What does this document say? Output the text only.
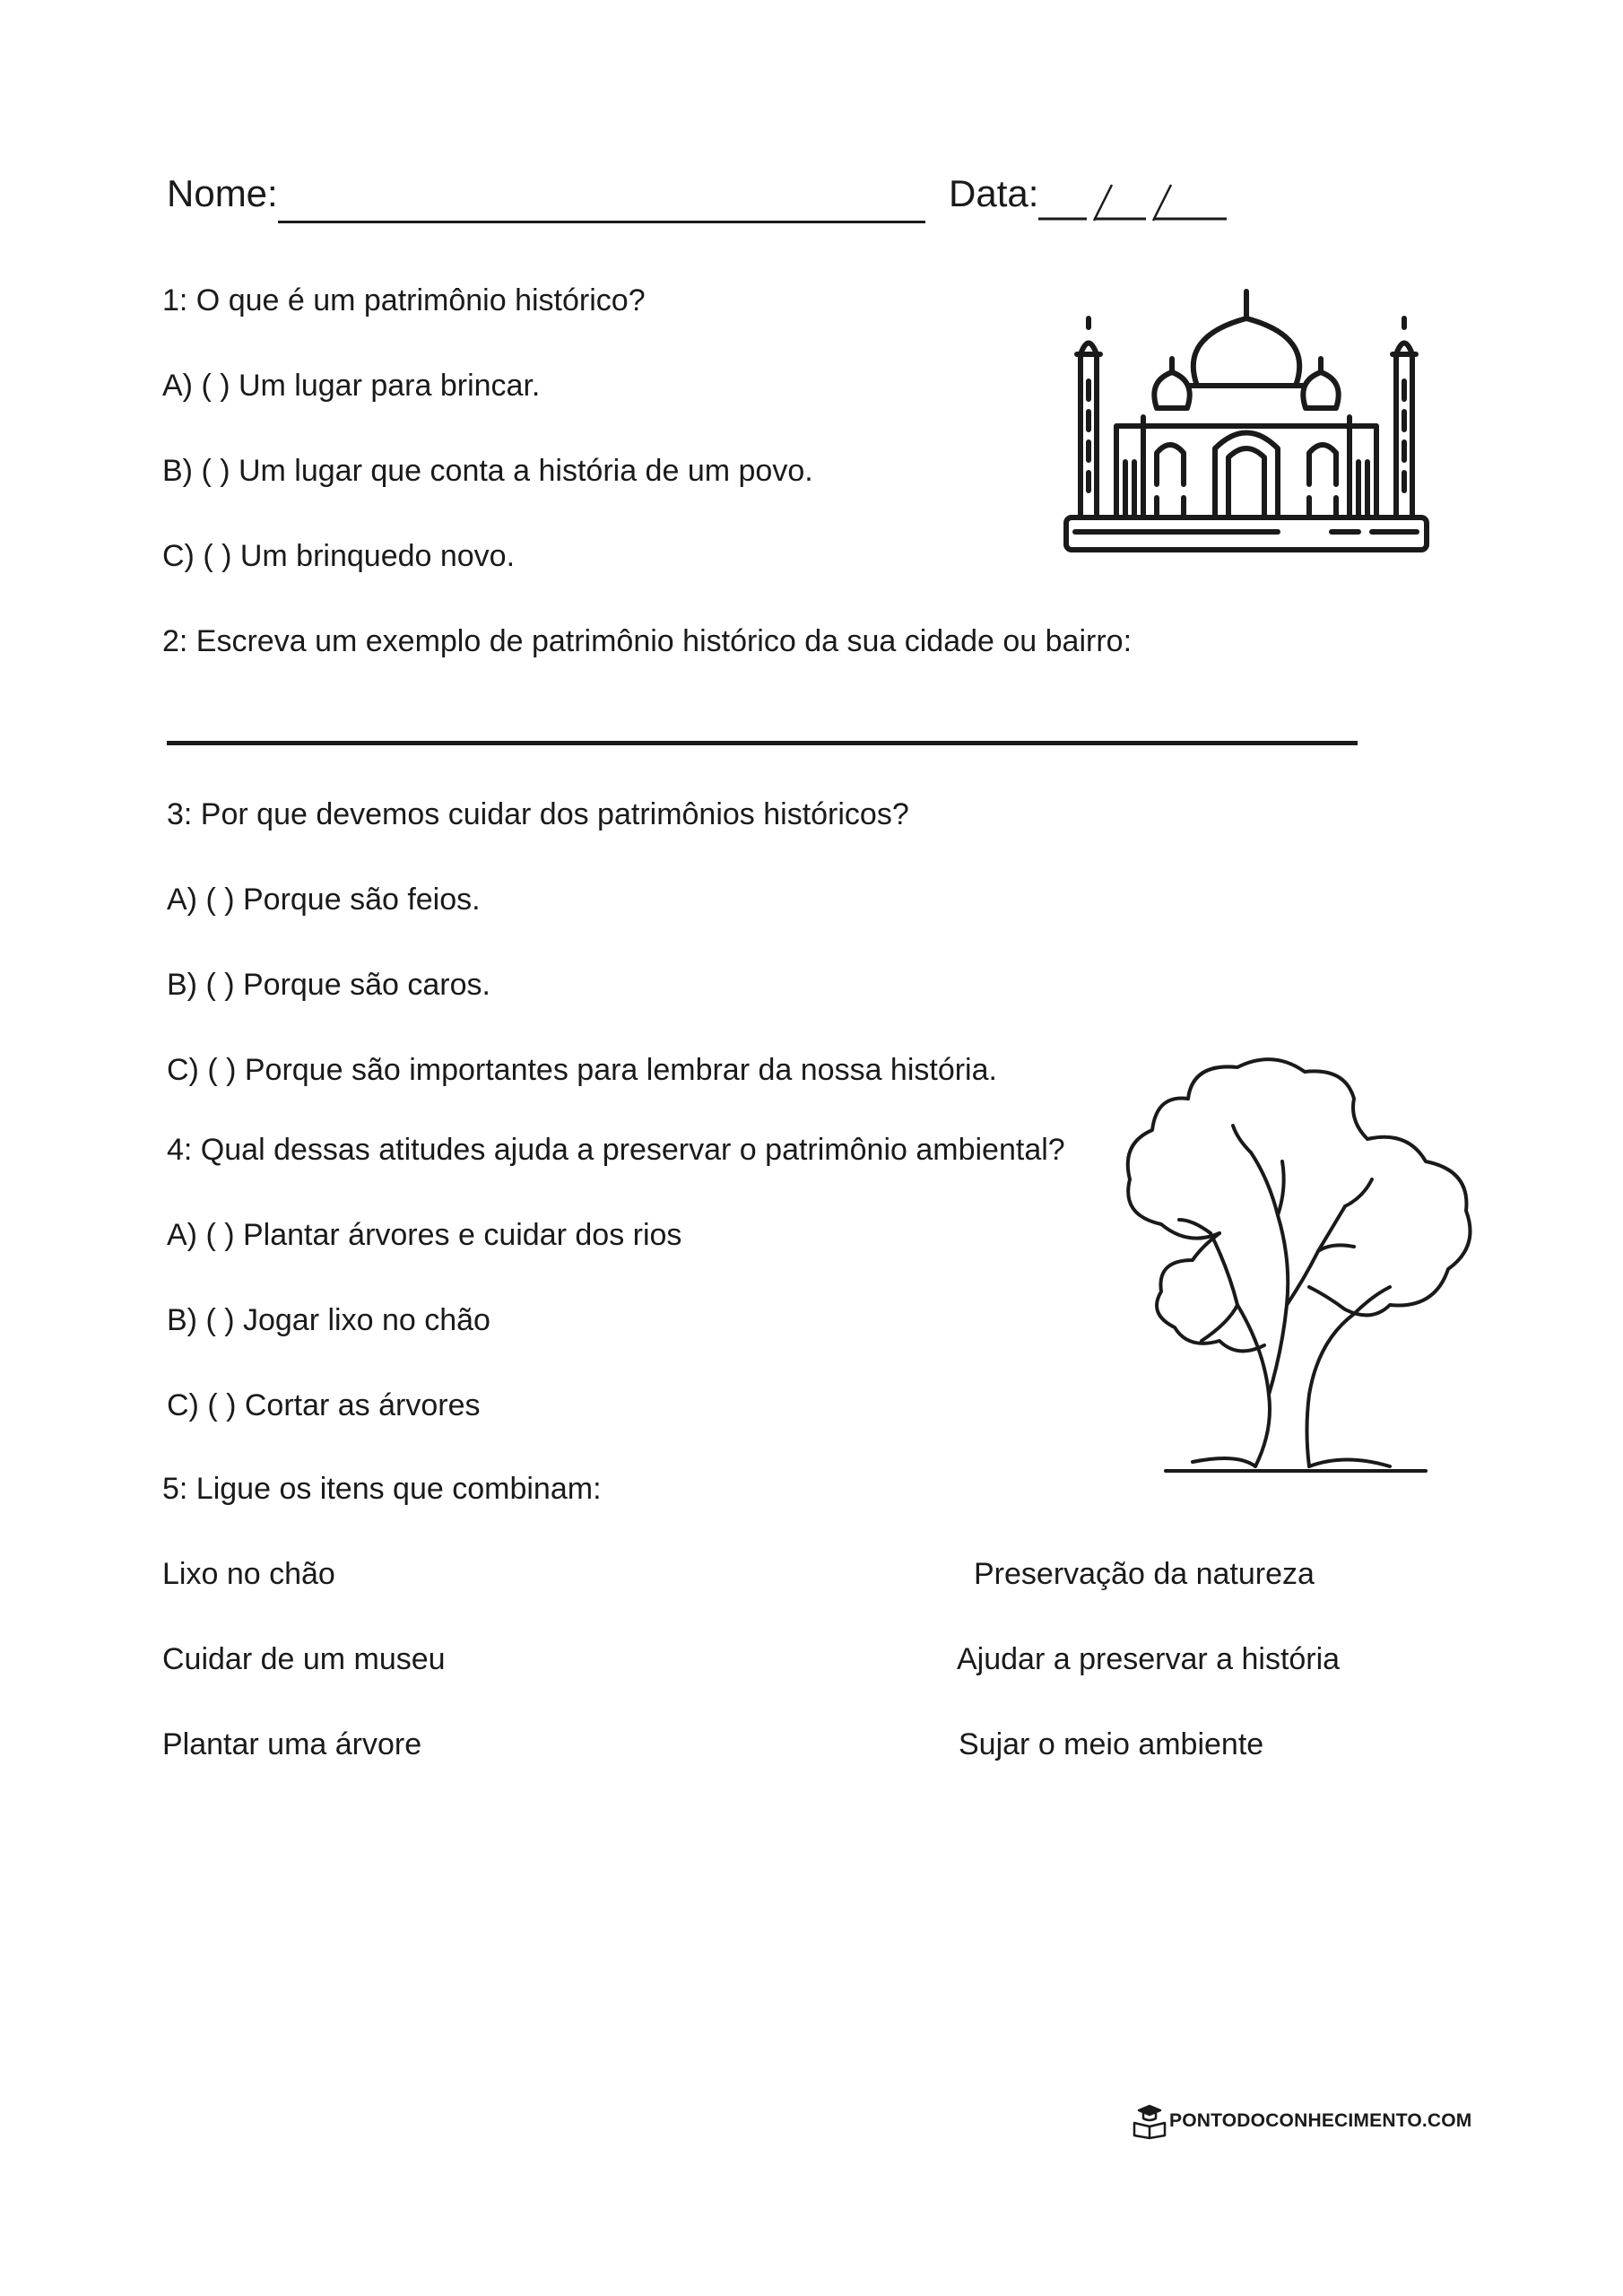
Nome:	Data:
1: O que é um patrimônio histórico?
A) ( ) Um lugar para brincar.
B) ( ) Um lugar que conta a história de um povo.
C) ( ) Um brinquedo novo.
2: Escreva um exemplo de patrimônio histórico da sua cidade ou bairro:
3: Por que devemos cuidar dos patrimônios históricos?
A) ( ) Porque são feios.
B) ( ) Porque são caros.
C) ( ) Porque são importantes para lembrar da nossa história.
4: Qual dessas atitudes ajuda a preservar o patrimônio ambiental?
A) ( ) Plantar árvores e cuidar dos rios
B) ( ) Jogar lixo no chão
C) ( ) Cortar as árvores
5: Ligue os itens que combinam:
Lixo no chão
Cuidar de um museu
Plantar uma árvore
Preservação da natureza
Ajudar a preservar a história
Sujar o meio ambiente
PONTODOCONHECIMENTO.COM
